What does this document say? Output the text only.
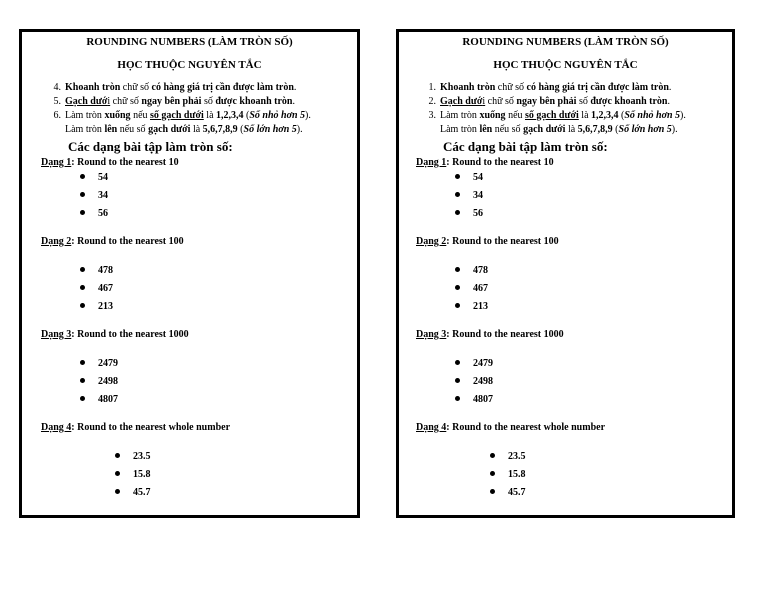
ROUNDING NUMBERS (LÀM TRÒN SỐ)
HỌC THUỘC NGUYÊN TẮC
4. Khoanh tròn chữ số có hàng giá trị cần được làm tròn.
5. Gạch dưới chữ số ngay bên phải số được khoanh tròn.
6. Làm tròn xuống nếu số gạch dưới là 1,2,3,4 (Số nhỏ hơn 5).
Làm tròn lên nếu số gạch dưới là 5,6,7,8,9 (Số lớn hơn 5).
Các dạng bài tập làm tròn số:
Dạng 1: Round to the nearest 10
54
34
56
Dạng 2: Round to the nearest 100
478
467
213
Dạng 3: Round to the nearest 1000
2479
2498
4807
Dạng 4: Round to the nearest whole number
23.5
15.8
45.7
ROUNDING NUMBERS (LÀM TRÒN SỐ)
HỌC THUỘC NGUYÊN TẮC
1. Khoanh tròn chữ số có hàng giá trị cần được làm tròn.
2. Gạch dưới chữ số ngay bên phải số được khoanh tròn.
3. Làm tròn xuống nếu số gạch dưới là 1,2,3,4 (Số nhỏ hơn 5).
Làm tròn lên nếu số gạch dưới là 5,6,7,8,9 (Số lớn hơn 5).
Các dạng bài tập làm tròn số:
Dạng 1: Round to the nearest 10
54
34
56
Dạng 2: Round to the nearest 100
478
467
213
Dạng 3: Round to the nearest 1000
2479
2498
4807
Dạng 4: Round to the nearest whole number
23.5
15.8
45.7
